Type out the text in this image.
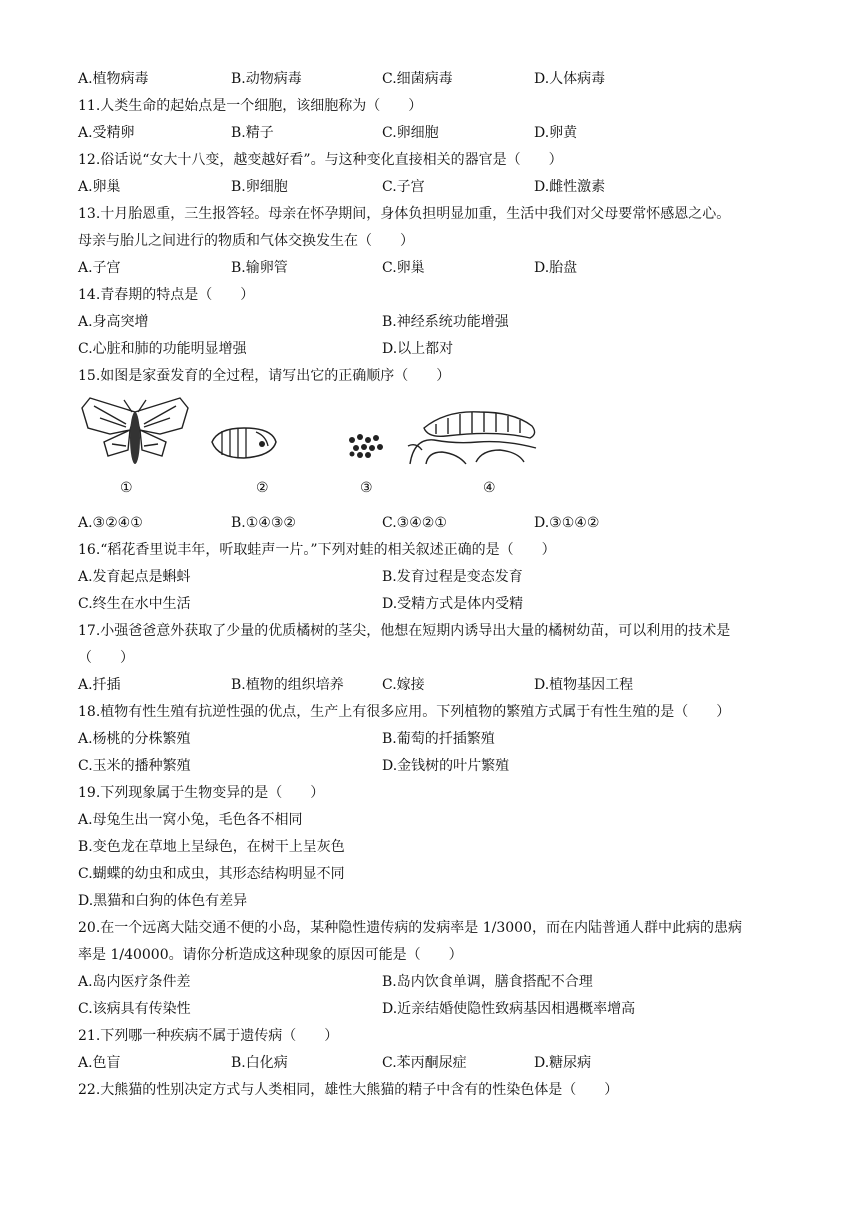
A.植物病毒	B.动物病毒	C.细菌病毒	D.人体病毒
11.人类生命的起始点是一个细胞，该细胞称为（　　）
A.受精卵	B.精子	C.卵细胞	D.卵黄
12.俗话说“女大十八变，越变越好看”。与这种变化直接相关的器官是（　　）
A.卵巢	B.卵细胞	C.子宫	D.雌性激素
13.十月胎恩重，三生报答轻。母亲在怀孕期间，身体负担明显加重，生活中我们对父母要常怀感恩之心。
母亲与胎儿之间进行的物质和气体交换发生在（　　）
A.子宫	B.输卵管	C.卵巢	D.胎盘
14.青春期的特点是（　　）
A.身高突增	B.神经系统功能增强
C.心脏和肺的功能明显增强	D.以上都对
15.如图是家蚕发育的全过程，请写出它的正确顺序（　　）
①	②	③	④
A.③②④①	B.①④③②	C.③④②①	D.③①④②
16.“稻花香里说丰年，听取蛙声一片。”下列对蛙的相关叙述正确的是（　　）
A.发育起点是蝌蚪	B.发育过程是变态发育
C.终生在水中生活	D.受精方式是体内受精
17.小强爸爸意外获取了少量的优质橘树的茎尖，他想在短期内诱导出大量的橘树幼苗，可以利用的技术是
（　　）
A.扦插	B.植物的组织培养	C.嫁接	D.植物基因工程
18.植物有性生殖有抗逆性强的优点，生产上有很多应用。下列植物的繁殖方式属于有性生殖的是（　　）
A.杨桃的分株繁殖	B.葡萄的扦插繁殖
C.玉米的播种繁殖	D.金钱树的叶片繁殖
19.下列现象属于生物变异的是（　　）
A.母兔生出一窝小兔，毛色各不相同
B.变色龙在草地上呈绿色，在树干上呈灰色
C.蝴蝶的幼虫和成虫，其形态结构明显不同
D.黑猫和白狗的体色有差异
20.在一个远离大陆交通不便的小岛，某种隐性遗传病的发病率是 1/3000，而在内陆普通人群中此病的患病
率是 1/40000。请你分析造成这种现象的原因可能是（　　）
A.岛内医疗条件差	B.岛内饮食单调，膳食搭配不合理
C.该病具有传染性	D.近亲结婚使隐性致病基因相遇概率增高
21.下列哪一种疾病不属于遗传病（　　）
A.色盲	B.白化病	C.苯丙酮尿症	D.糖尿病
22.大熊猫的性别决定方式与人类相同，雄性大熊猫的精子中含有的性染色体是（　　）
